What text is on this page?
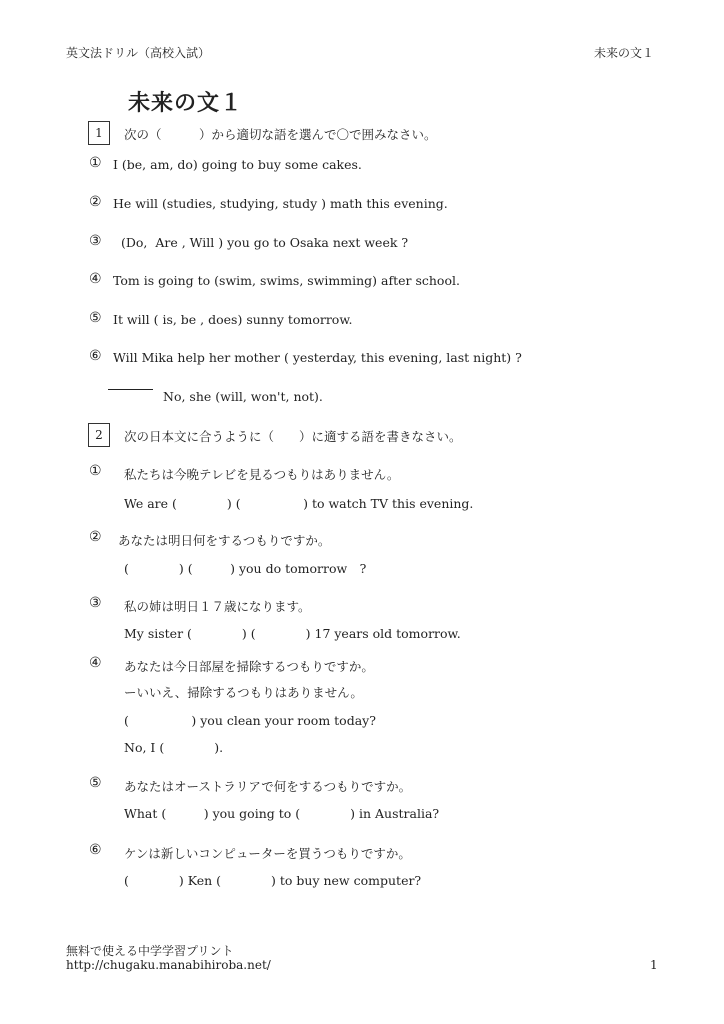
英文法ドリル（高校入試）	未来の文１
未来の文１
1	次の（　　　）から適切な語を選んで〇で囲みなさい。
① I (be, am, do) going to buy some cakes.
② He will (studies, studying, study ) math this evening.
③ (Do,  Are , Will ) you go to Osaka next week ?
④ Tom is going to (swim, swims, swimming) after school.
⑤ It will ( is, be , does) sunny tomorrow.
⑥ Will Mika help her mother ( yesterday, this evening, last night) ?
No, she (will, won't, not).
2	次の日本文に合うように（　　）に適する語を書きなさい。
① 私たちは今晩テレビを見るつもりはありません。
We are (　　　　) (　　　　　) to watch TV this evening.
② あなたは明日何をするつもりですか。
(　　　　) (　　　) you do tomorrow　?
③ 私の姉は明日１７歳になります。
My sister (　　　　) (　　　　) 17 years old tomorrow.
④ あなたは今日部屋を掃除するつもりですか。
ーいいえ、掃除するつもりはありません。
(　　　　　) you clean your room today?
No, I (　　　　).
⑤ あなたはオーストラリアで何をするつもりですか。
What (　　　) you going to (　　　　) in Australia?
⑥ ケンは新しいコンピューターを買うつもりですか。
(　　　　) Ken (　　　　) to buy new computer?
無料で使える中学学習プリント
http://chugaku.manabihiroba.net/	1
